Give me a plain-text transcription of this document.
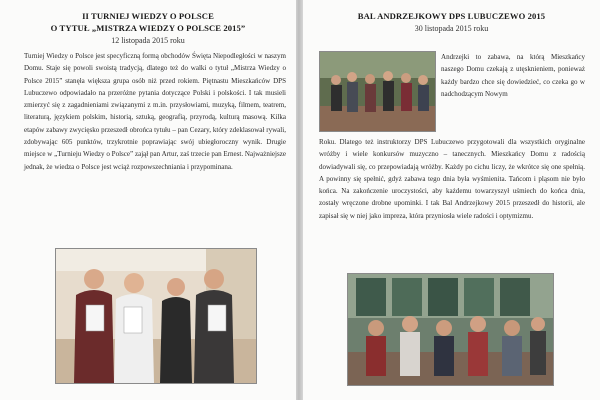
II TURNIEJ WIEDZY O POLSCE
O TYTUŁ „MISTRZA WIEDZY O POLSCE 2015”
12 listopada 2015 roku

Turniej Wiedzy o Polsce jest specyficzną formą obchodów Święta Niepodległości w naszym Domu. Staje się powoli swoistą tradycją, dlatego też do walki o tytuł „Mistrza Wiedzy o Polsce 2015” stanęła większa grupa osób niż przed rokiem. Piętnastu Mieszkańców DPS Lubuczewo odpowiadało na przeróżne pytania dotyczące Polski i polskości. I tak musieli zmierzyć się z zagadnieniami związanymi z m.in. przysłowiami, muzyką, filmem, teatrem, literaturą, językiem polskim, historią, sztuką, geografią, przyrodą, kulturą masową. Kilka etapów zabawy zwycięsko przeszedł obrońca tytułu – pan Cezary, który zdeklasował rywali, zdobywając 605 punktów, trzykrotnie poprawiając swój ubiegłoroczny wynik. Drugie miejsce w „Turnieju Wiedzy o Polsce” zajął pan Artur, zaś trzecie pan Ernest. Najważniejsze jednak, że wiedza o Polsce jest wciąż rozpowszechniania i przypominana.

BAL ANDRZEJKOWY DPS LUBUCZEWO 2015
30 listopada 2015 roku

Andrzejki to zabawa, na którą Mieszkańcy naszego Domu czekają z utęsknieniem, ponieważ każdy bardzo chce się dowiedzieć, co czeka go w nadchodzącym Nowym

Roku. Dlatego też instruktorzy DPS Lubuczewo przygotowali dla wszystkich oryginalne wróżby i wiele konkursów muzyczno – tanecznych. Mieszkańcy Domu z radością dowiadywali się, co przepowiadają wróżby. Każdy po cichu liczy, że wkrótce się one spełnią. A powinny się spełnić, gdyż zabawa tego dnia była wyśmienita. Tańcom i pląsom nie było końca. Na zakończenie uroczystości, aby każdemu towarzyszył uśmiech do końca dnia, zostały wręczone drobne upominki. I tak Bal Andrzejkowy 2015 przeszedł do historii, ale zapisał się w niej jako impreza, która przyniosła wiele radości i optymizmu.
